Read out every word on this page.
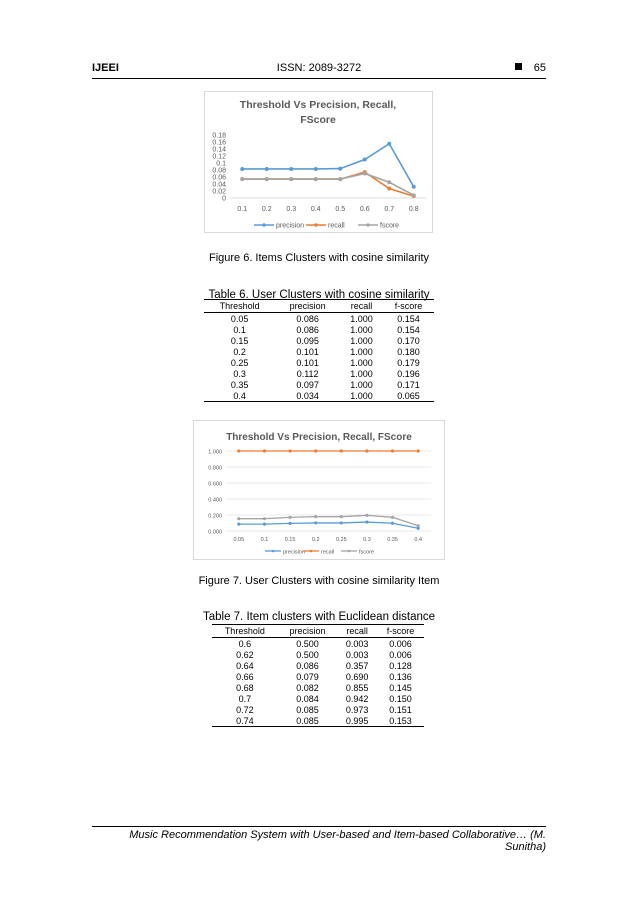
IJEEI	ISSN: 2089-3272	65
Threshold Vs Precision, Recall,
FScore
0
0.02
0.04
0.06
0.08
0.1
0.12
0.14
0.16
0.18
0.1 0.2 0.3 0.4 0.5 0.6 0.7 0.8
precision	recall	fscore
Figure 6. Items Clusters with cosine similarity
Table 6. User Clusters with cosine similarity
Threshold	precision	recall	f-score
0.05	0.086	1.000	0.154
0.1	0.086	1.000	0.154
0.15	0.095	1.000	0.170
0.2	0.101	1.000	0.180
0.25	0.101	1.000	0.179
0.3	0.112	1.000	0.196
0.35	0.097	1.000	0.171
0.4	0.034	1.000	0.065
Threshold Vs Precision, Recall, FScore
0.000
0.200
0.400
0.600
0.800
1.000
0.05	0.1	0.15	0.2	0.25	0.3	0.35	0.4
precision	recall	fscore
Figure 7. User Clusters with cosine similarity Item
Table 7. Item clusters with Euclidean distance
Threshold	precision	recall	f-score
0.6	0.500	0.003	0.006
0.62	0.500	0.003	0.006
0.64	0.086	0.357	0.128
0.66	0.079	0.690	0.136
0.68	0.082	0.855	0.145
0.7	0.084	0.942	0.150
0.72	0.085	0.973	0.151
0.74	0.085	0.995	0.153
Music Recommendation System with User-based and Item-based Collaborative… (M. Sunitha)
